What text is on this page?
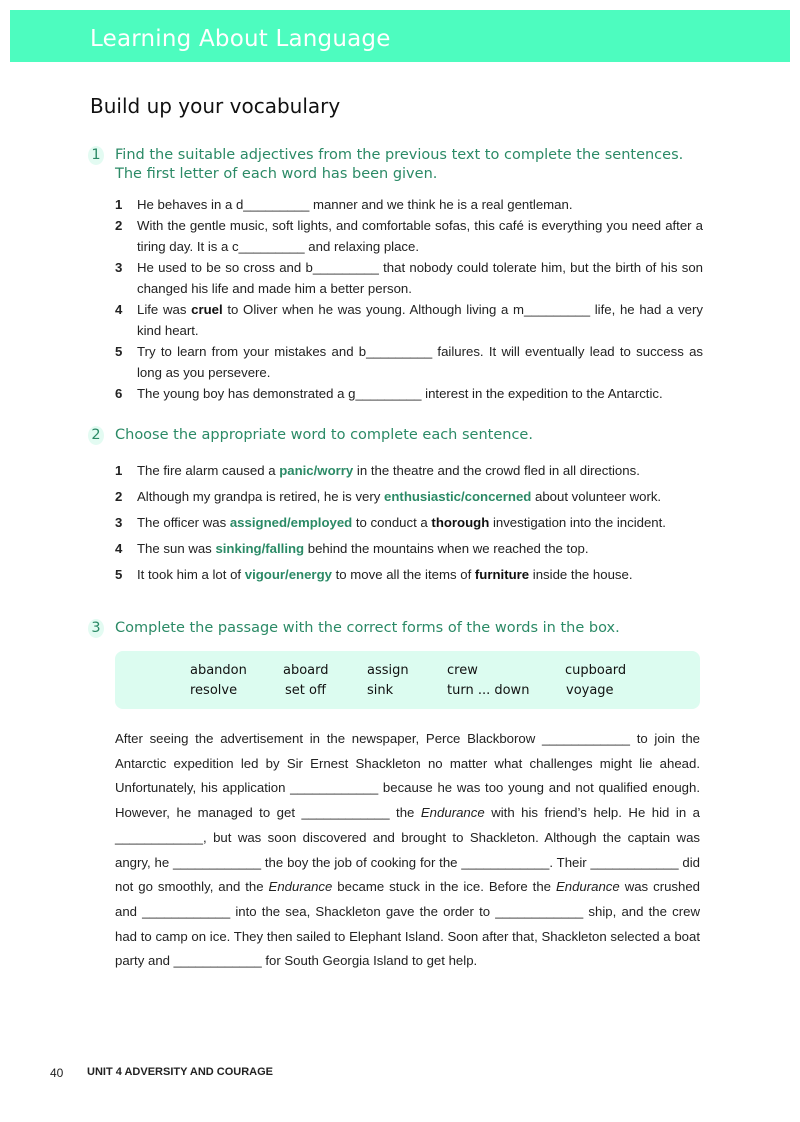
Learning About Language
Build up your vocabulary
1 Find the suitable adjectives from the previous text to complete the sentences. The first letter of each word has been given.
1 He behaves in a d_________ manner and we think he is a real gentleman.
2 With the gentle music, soft lights, and comfortable sofas, this café is everything you need after a tiring day. It is a c_________ and relaxing place.
3 He used to be so cross and b_________ that nobody could tolerate him, but the birth of his son changed his life and made him a better person.
4 Life was cruel to Oliver when he was young. Although living a m_________ life, he had a very kind heart.
5 Try to learn from your mistakes and b_________ failures. It will eventually lead to success as long as you persevere.
6 The young boy has demonstrated a g_________ interest in the expedition to the Antarctic.
2 Choose the appropriate word to complete each sentence.
1 The fire alarm caused a panic/worry in the theatre and the crowd fled in all directions.
2 Although my grandpa is retired, he is very enthusiastic/concerned about volunteer work.
3 The officer was assigned/employed to conduct a thorough investigation into the incident.
4 The sun was sinking/falling behind the mountains when we reached the top.
5 It took him a lot of vigour/energy to move all the items of furniture inside the house.
3 Complete the passage with the correct forms of the words in the box.
abandon	aboard	assign	crew	cupboard
resolve	set off	sink	turn ... down	voyage
After seeing the advertisement in the newspaper, Perce Blackborow ____________ to join the Antarctic expedition led by Sir Ernest Shackleton no matter what challenges might lie ahead. Unfortunately, his application ____________ because he was too young and not qualified enough. However, he managed to get ____________ the Endurance with his friend’s help. He hid in a ____________, but was soon discovered and brought to Shackleton. Although the captain was angry, he ____________ the boy the job of cooking for the ____________. Their ____________ did not go smoothly, and the Endurance became stuck in the ice. Before the Endurance was crushed and ____________ into the sea, Shackleton gave the order to ____________ ship, and the crew had to camp on ice. They then sailed to Elephant Island. Soon after that, Shackleton selected a boat party and ____________ for South Georgia Island to get help.
40 UNIT 4 ADVERSITY AND COURAGE
